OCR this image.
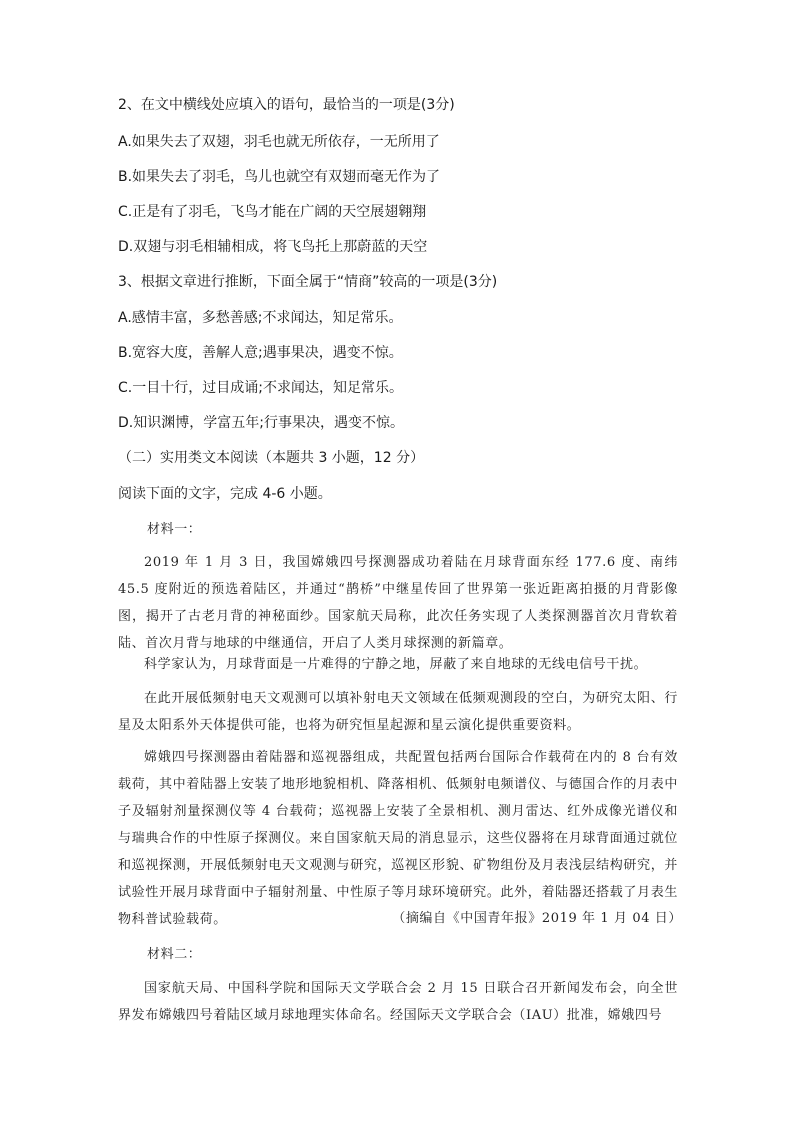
2、在文中横线处应填入的语句，最恰当的一项是(3分)
A.如果失去了双翅，羽毛也就无所依存，一无所用了
B.如果失去了羽毛，鸟儿也就空有双翅而毫无作为了
C.正是有了羽毛，飞鸟才能在广阔的天空展翅翱翔
D.双翅与羽毛相辅相成，将飞鸟托上那蔚蓝的天空
3、根据文章进行推断，下面全属于“情商”较高的一项是(3分)
A.感情丰富，多愁善感;不求闻达，知足常乐。
B.宽容大度，善解人意;遇事果决，遇变不惊。
C.一目十行，过目成诵;不求闻达，知足常乐。
D.知识渊博，学富五年;行事果决，遇变不惊。
（二）实用类文本阅读（本题共 3 小题，12 分）
阅读下面的文字，完成 4-6 小题。
材料一：
2019 年 1 月 3 日，我国嫦娥四号探测器成功着陆在月球背面东经 177.6 度、南纬 45.5 度附近的预选着陆区，并通过“鹊桥”中继星传回了世界第一张近距离拍摄的月背影像图，揭开了古老月背的神秘面纱。国家航天局称，此次任务实现了人类探测器首次月背软着陆、首次月背与地球的中继通信，开启了人类月球探测的新篇章。
科学家认为，月球背面是一片难得的宁静之地，屏蔽了来自地球的无线电信号干扰。
在此开展低频射电天文观测可以填补射电天文领域在低频观测段的空白，为研究太阳、行星及太阳系外天体提供可能，也将为研究恒星起源和星云演化提供重要资料。
嫦娥四号探测器由着陆器和巡视器组成，共配置包括两台国际合作载荷在内的 8 台有效载荷，其中着陆器上安装了地形地貌相机、降落相机、低频射电频谱仪、与德国合作的月表中子及辐射剂量探测仪等 4 台载荷；巡视器上安装了全景相机、测月雷达、红外成像光谱仪和与瑞典合作的中性原子探测仪。来自国家航天局的消息显示，这些仪器将在月球背面通过就位和巡视探测，开展低频射电天文观测与研究，巡视区形貌、矿物组份及月表浅层结构研究，并试验性开展月球背面中子辐射剂量、中性原子等月球环境研究。此外，着陆器还搭载了月表生物科普试验载荷。	（摘编自《中国青年报》2019 年 1 月 04 日）
材料二：
国家航天局、中国科学院和国际天文学联合会 2 月 15 日联合召开新闻发布会，向全世界发布嫦娥四号着陆区域月球地理实体命名。经国际天文学联合会（IAU）批准，嫦娥四号
